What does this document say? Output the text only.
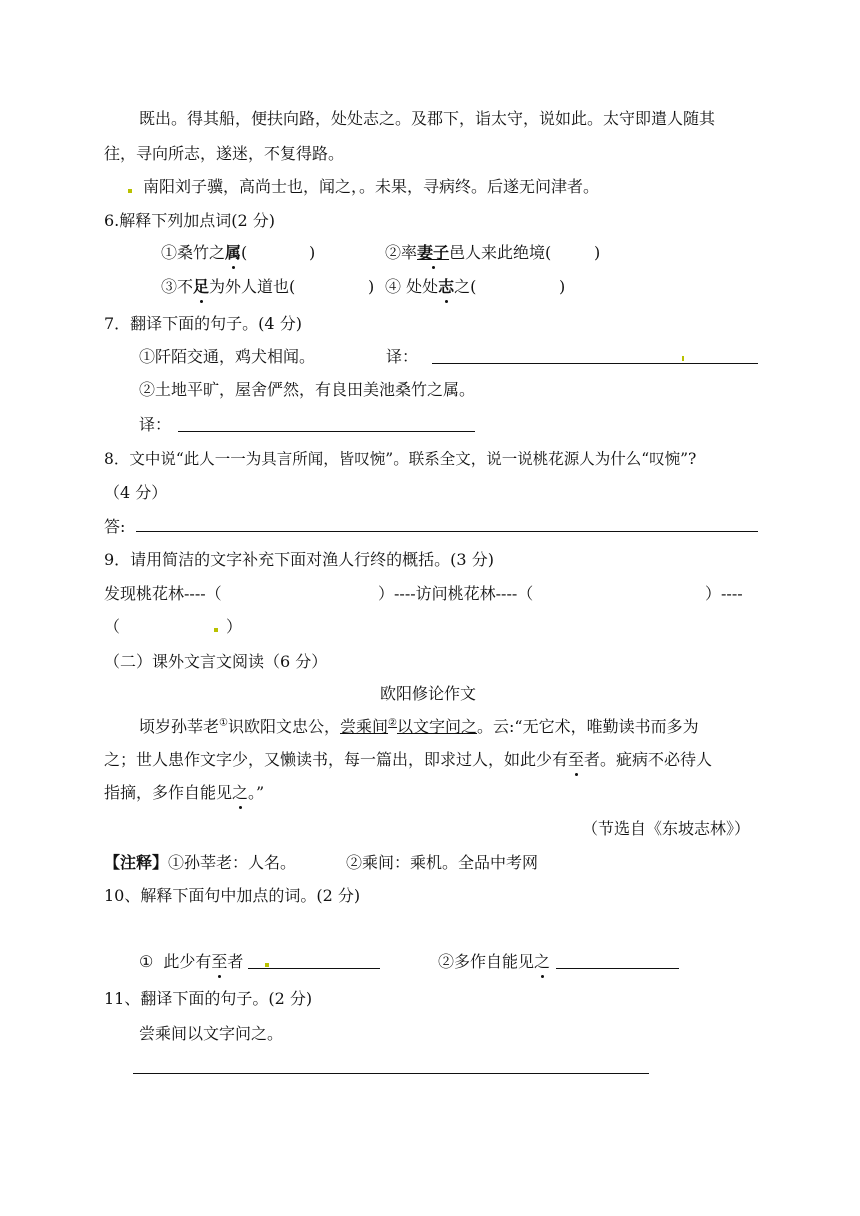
既出。得其船，便扶向路，处处志之。及郡下，诣太守，说如此。太守即遣人随其
往，寻向所志，遂迷，不复得路。
南阳刘子骥，高尚士也，闻之，。未果，寻病终。后遂无问津者。
6.解释下列加点词(2 分)
①桑竹之属(	)	②率妻子邑人来此绝境(	)
③不足为外人道也(	) ④ 处处志之(	)
7．翻译下面的句子。(4 分)
①阡陌交通，鸡犬相闻。	译：
②土地平旷，屋舍俨然，有良田美池桑竹之属。
译：
8．文中说“此人一一为具言所闻，皆叹惋”。联系全文，说一说桃花源人为什么“叹惋”?
（4 分）
答:
9．请用简洁的文字补充下面对渔人行终的概括。(3 分)
发现桃花林----（	）----访问桃花林----（	）----
（	）
（二）课外文言文阅读（6 分）
欧阳修论作文
顷岁孙莘老①识欧阳文忠公，尝乘间②以文字问之。云:“无它术，唯勤读书而多为
之；世人患作文字少，又懒读书，每一篇出，即求过人，如此少有至者。疵病不必待人
指摘，多作自能见之。”
（节选自《东坡志林》）
【注释】①孙莘老：人名。	②乘间：乘机。全品中考网
10、解释下面句中加点的词。(2 分)
① 此少有至者	②多作自能见之
11、翻译下面的句子。(2 分)
尝乘间以文字问之。
